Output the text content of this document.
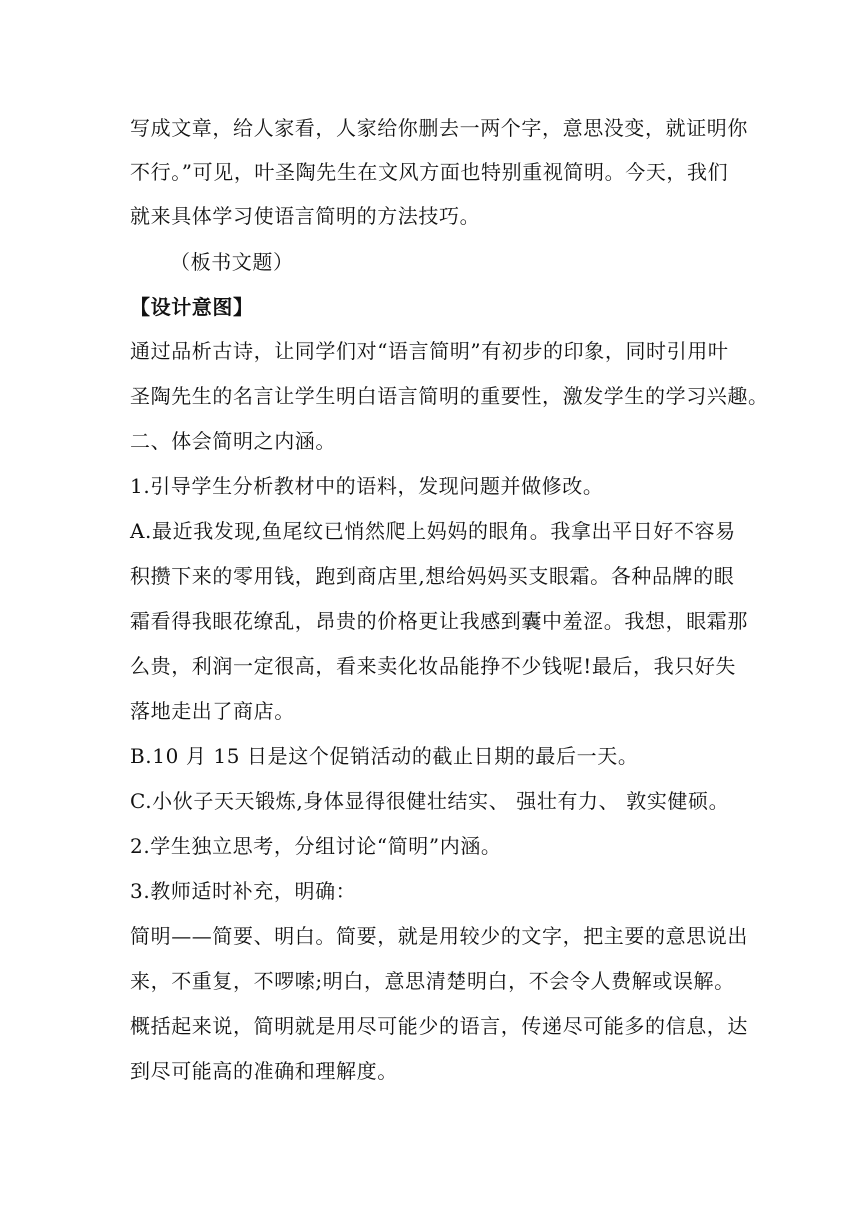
写成文章，给人家看，人家给你删去一两个字，意思没变，就证明你
不行。”可见，叶圣陶先生在文风方面也特别重视简明。今天，我们
就来具体学习使语言简明的方法技巧。
（板书文题）
【设计意图】
通过品析古诗，让同学们对“语言简明”有初步的印象，同时引用叶
圣陶先生的名言让学生明白语言简明的重要性，激发学生的学习兴趣。
二、体会简明之内涵。
1.引导学生分析教材中的语料，发现问题并做修改。
A.最近我发现,鱼尾纹已悄然爬上妈妈的眼角。我拿出平日好不容易
积攒下来的零用钱，跑到商店里,想给妈妈买支眼霜。各种品牌的眼
霜看得我眼花缭乱，昂贵的价格更让我感到囊中羞涩。我想，眼霜那
么贵，利润一定很高，看来卖化妆品能挣不少钱呢!最后，我只好失
落地走出了商店。
B.10 月 15 日是这个促销活动的截止日期的最后一天。
C.小伙子天天锻炼,身体显得很健壮结实、 强壮有力、 敦实健硕。
2.学生独立思考，分组讨论“简明”内涵。
3.教师适时补充，明确：
简明——简要、明白。简要，就是用较少的文字，把主要的意思说出
来，不重复，不啰嗦;明白，意思清楚明白，不会令人费解或误解。
概括起来说，简明就是用尽可能少的语言，传递尽可能多的信息，达
到尽可能高的准确和理解度。
